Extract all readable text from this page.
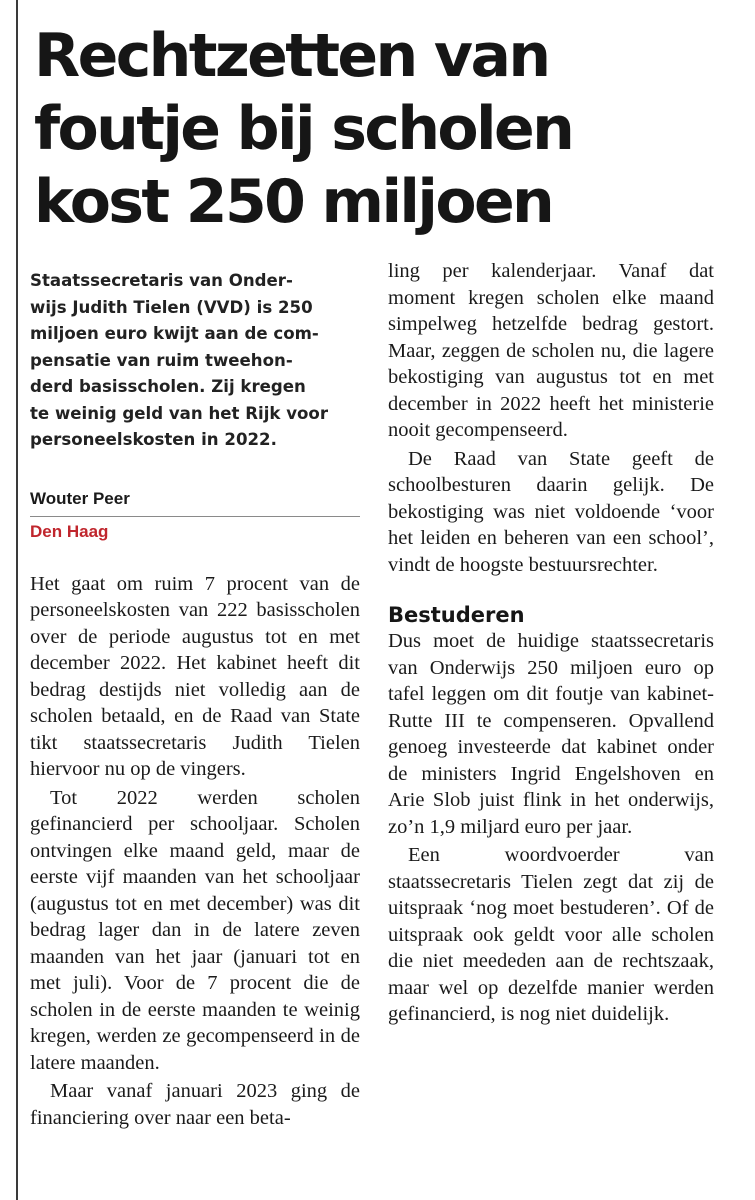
Rechtzetten van
foutje bij scholen
kost 250 miljoen

Staatssecretaris van Onder-
wijs Judith Tielen (VVD) is 250
miljoen euro kwijt aan de com-
pensatie van ruim tweehon-
derd basisscholen. Zij kregen
te weinig geld van het Rijk voor
personeelskosten in 2022.

Wouter Peer
Den Haag

Het gaat om ruim 7 procent van de personeelskosten van 222 basisscholen over de periode augustus tot en met december 2022. Het kabinet heeft dit bedrag destijds niet volledig aan de scholen betaald, en de Raad van State tikt staatssecretaris Judith Tielen hiervoor nu op de vingers.

Tot 2022 werden scholen gefinancierd per schooljaar. Scholen ontvingen elke maand geld, maar de eerste vijf maanden van het schooljaar (augustus tot en met december) was dit bedrag lager dan in de latere zeven maanden van het jaar (januari tot en met juli). Voor de 7 procent die de scholen in de eerste maanden te weinig kregen, werden ze gecompenseerd in de latere maanden.

Maar vanaf januari 2023 ging de financiering over naar een beta-

ling per kalenderjaar. Vanaf dat moment kregen scholen elke maand simpelweg hetzelfde bedrag gestort. Maar, zeggen de scholen nu, die lagere bekostiging van augustus tot en met december in 2022 heeft het ministerie nooit gecompenseerd.

De Raad van State geeft de schoolbesturen daarin gelijk. De bekostiging was niet voldoende ‘voor het leiden en beheren van een school’, vindt de hoogste bestuursrechter.

Bestuderen

Dus moet de huidige staatssecretaris van Onderwijs 250 miljoen euro op tafel leggen om dit foutje van kabinet-Rutte III te compenseren. Opvallend genoeg investeerde dat kabinet onder de ministers Ingrid Engelshoven en Arie Slob juist flink in het onderwijs, zo’n 1,9 miljard euro per jaar.

Een woordvoerder van staatssecretaris Tielen zegt dat zij de uitspraak ‘nog moet bestuderen’. Of de uitspraak ook geldt voor alle scholen die niet meededen aan de rechtszaak, maar wel op dezelfde manier werden gefinancierd, is nog niet duidelijk.
